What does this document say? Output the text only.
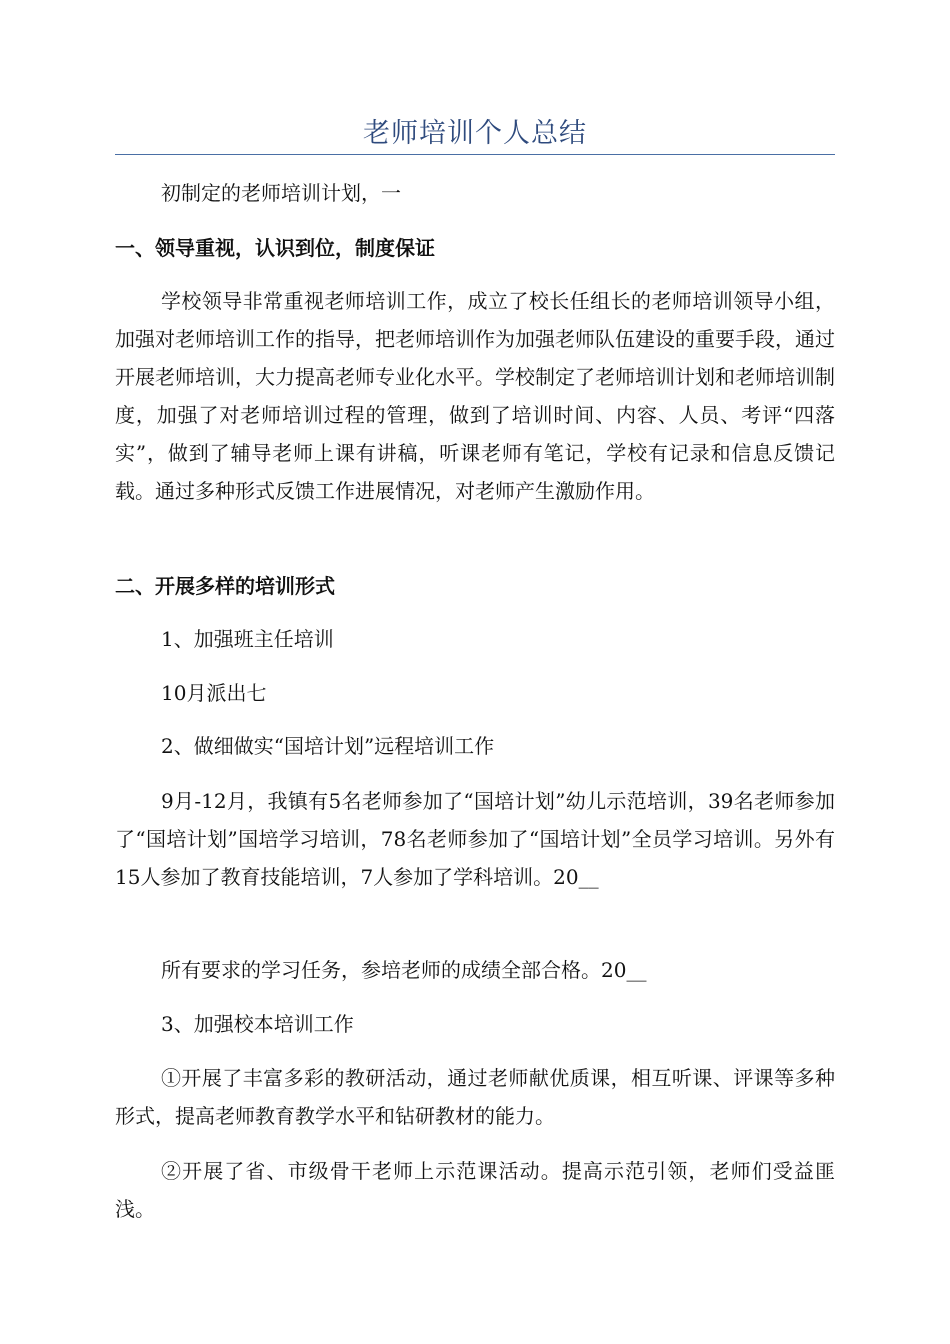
老师培训个人总结
初制定的老师培训计划，一
一、领导重视，认识到位，制度保证
学校领导非常重视老师培训工作，成立了校长任组长的老师培训领导小组，加强对老师培训工作的指导，把老师培训作为加强老师队伍建设的重要手段，通过开展老师培训，大力提高老师专业化水平。学校制定了老师培训计划和老师培训制度，加强了对老师培训过程的管理，做到了培训时间、内容、人员、考评“四落实”，做到了辅导老师上课有讲稿，听课老师有笔记，学校有记录和信息反馈记载。通过多种形式反馈工作进展情况，对老师产生激励作用。
二、开展多样的培训形式
1、加强班主任培训
10月派出七
2、做细做实“国培计划”远程培训工作
9月-12月，我镇有5名老师参加了“国培计划”幼儿示范培训，39名老师参加了“国培计划”国培学习培训，78名老师参加了“国培计划”全员学习培训。另外有15人参加了教育技能培训，7人参加了学科培训。20__
所有要求的学习任务，参培老师的成绩全部合格。20__
3、加强校本培训工作
①开展了丰富多彩的教研活动，通过老师献优质课，相互听课、评课等多种形式，提高老师教育教学水平和钻研教材的能力。
②开展了省、市级骨干老师上示范课活动。提高示范引领，老师们受益匪浅。
